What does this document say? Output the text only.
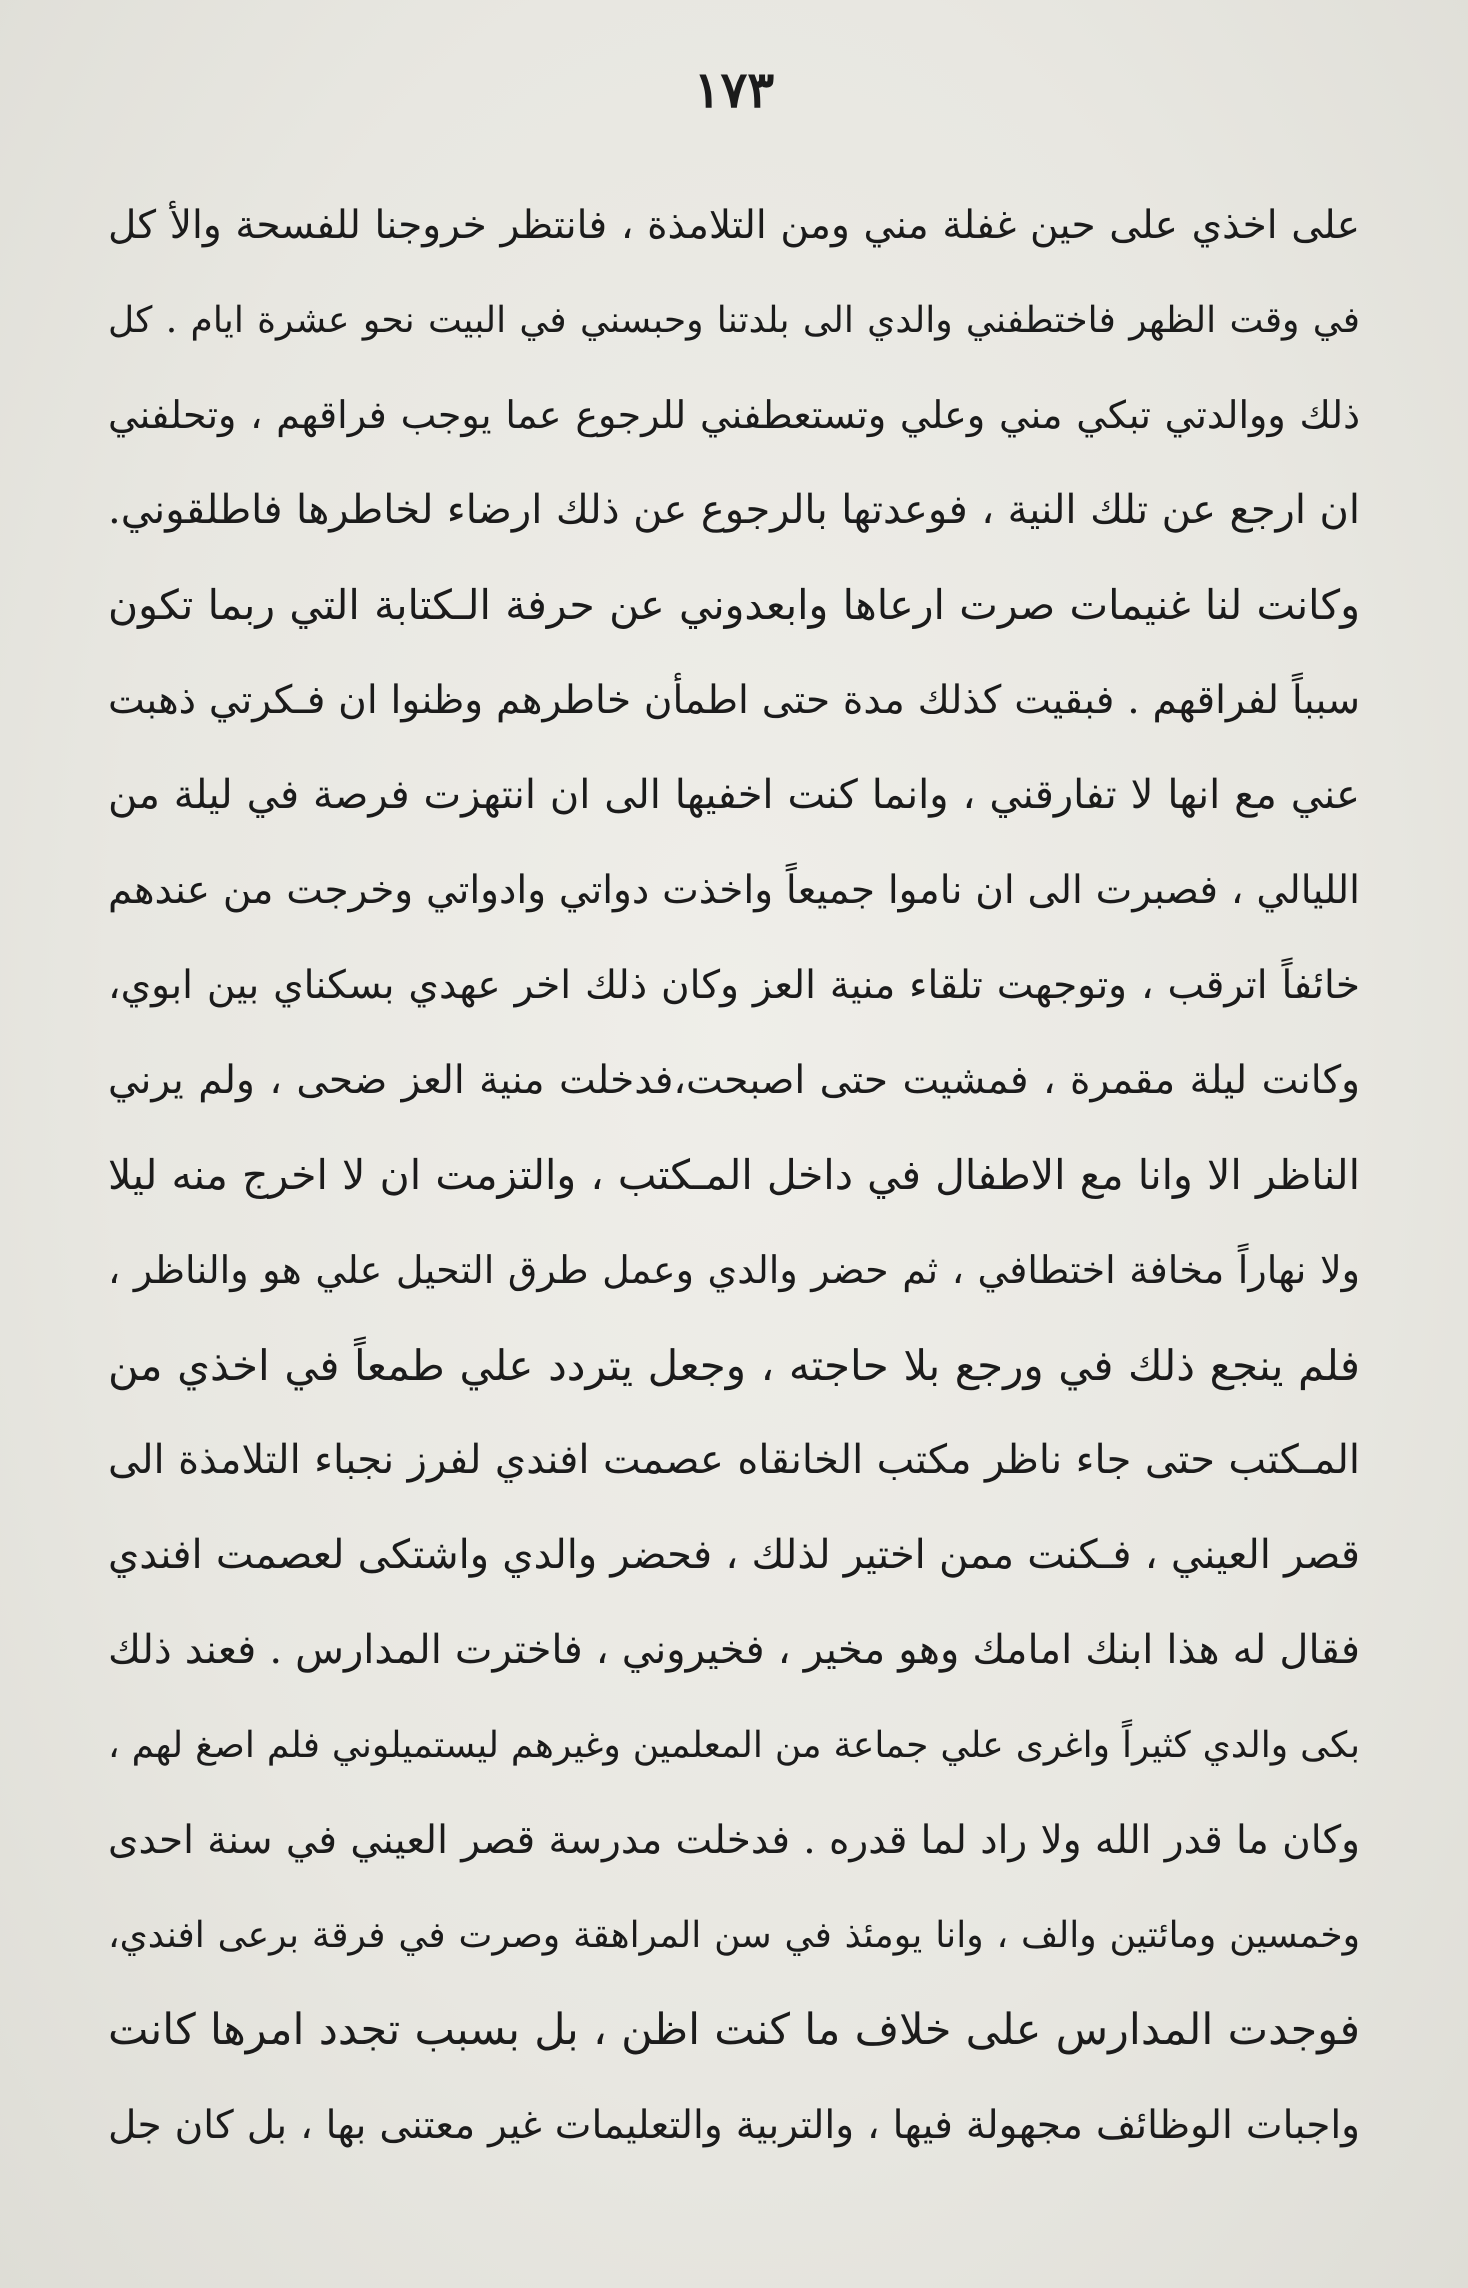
١٧٣
على اخذي على حين غفلة مني ومن التلامذة ، فانتظر خروجنا للفسحة والأ كل
في وقت الظهر فاختطفني والدي الى بلدتنا وحبسني في البيت نحو عشرة ايام . كل
ذلك ووالدتي تبكي مني وعلي وتستعطفني للرجوع عما يوجب فراقهم ، وتحلفني
ان ارجع عن تلك النية ، فوعدتها بالرجوع عن ذلك ارضاء لخاطرها فاطلقوني.
وكانت لنا غنيمات صرت ارعاها وابعدوني عن حرفة الـكتابة التي ربما تكون
سبباً لفراقهم . فبقيت كذلك مدة حتى اطمأن خاطرهم وظنوا ان فـكرتي ذهبت
عني مع انها لا تفارقني ، وانما كنت اخفيها الى ان انتهزت فرصة في ليلة من
الليالي ، فصبرت الى ان ناموا جميعاً واخذت دواتي وادواتي وخرجت من عندهم
خائفاً اترقب ، وتوجهت تلقاء منية العز وكان ذلك اخر عهدي بسكناي بين ابوي،
وكانت ليلة مقمرة ، فمشيت حتى اصبحت،فدخلت منية العز ضحى ، ولم يرني
الناظر الا وانا مع الاطفال في داخل المـكتب ، والتزمت ان لا اخرج منه ليلا
ولا نهاراً مخافة اختطافي ، ثم حضر والدي وعمل طرق التحيل علي هو والناظر ،
فلم ينجع ذلك في ورجع بلا حاجته ، وجعل يتردد علي طمعاً في اخذي من
المـكتب حتى جاء ناظر مكتب الخانقاه عصمت افندي لفرز نجباء التلامذة الى
قصر العيني ، فـكنت ممن اختير لذلك ، فحضر والدي واشتكى لعصمت افندي
فقال له هذا ابنك امامك وهو مخير ، فخيروني ، فاخترت المدارس . فعند ذلك
بكى والدي كثيراً واغرى علي جماعة من المعلمين وغيرهم ليستميلوني فلم اصغ لهم ،
وكان ما قدر الله ولا راد لما قدره . فدخلت مدرسة قصر العيني في سنة احدى
وخمسين ومائتين والف ، وانا يومئذ في سن المراهقة وصرت في فرقة برعى افندي،
فوجدت المدارس على خلاف ما كنت اظن ، بل بسبب تجدد امرها كانت
واجبات الوظائف مجهولة فيها ، والتربية والتعليمات غير معتنى بها ، بل كان جل
